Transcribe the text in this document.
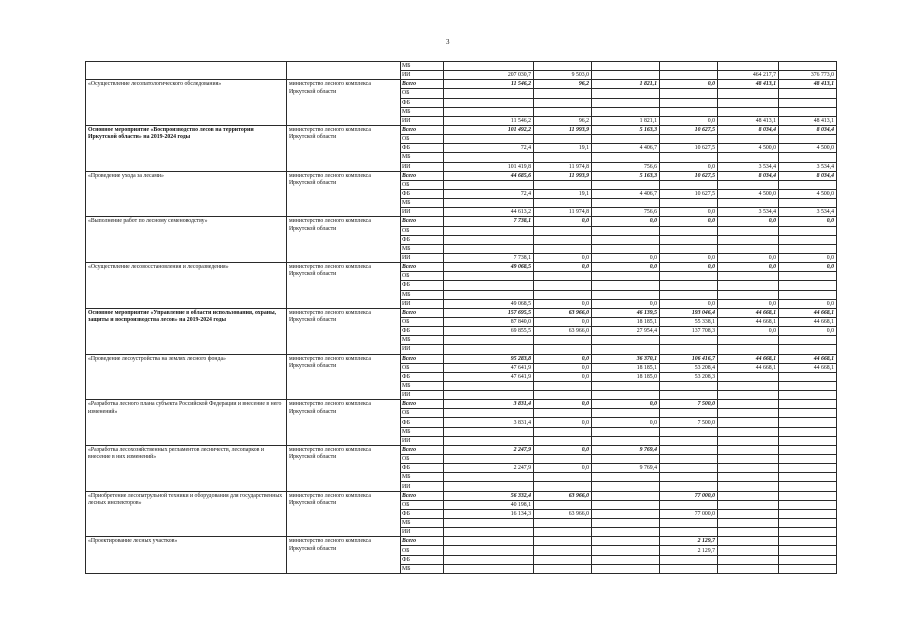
3
		МБ						
		ИИ	207 030,7	9 503,0			464 217,7	376 773,0
«Осуществление лесопатологического обследования»	министерство лесного комплекса Иркутской области	Всего	11 546,2	96,2	1 821,1	0,0	48 413,1	48 413,1
		ОБ						
		ФБ						
		МБ						
		ИИ	11 546,2	96,2	1 821,1	0,0	48 413,1	48 413,1
Основное мероприятие «Воспроизводство лесов на территории Иркутской области» на 2019-2024 годы	министерство лесного комплекса Иркутской области	Всего	101 492,2	11 993,9	5 163,3	10 627,5	8 034,4	8 034,4
		ОБ						
		ФБ	72,4	19,1	4 406,7	10 627,5	4 500,0	4 500,0
		МБ						
		ИИ	101 419,8	11 974,8	756,6	0,0	3 534,4	3 534,4
«Проведение ухода за лесами»	министерство лесного комплекса Иркутской области	Всего	44 685,6	11 993,9	5 163,3	10 627,5	8 034,4	8 034,4
		ОБ						
		ФБ	72,4	19,1	4 406,7	10 627,5	4 500,0	4 500,0
		МБ						
		ИИ	44 613,2	11 974,8	756,6	0,0	3 534,4	3 534,4
«Выполнение работ по лесному семеноводству»	министерство лесного комплекса Иркутской области	Всего	7 738,1	0,0	0,0	0,0	0,0	0,0
		ОБ						
		ФБ						
		МБ						
		ИИ	7 738,1	0,0	0,0	0,0	0,0	0,0
«Осуществление лесовосстановления и лесоразведения»	министерство лесного комплекса Иркутской области	Всего	49 068,5	0,0	0,0	0,0	0,0	0,0
		ОБ						
		ФБ						
		МБ						
		ИИ	49 068,5	0,0	0,0	0,0	0,0	0,0
Основное мероприятие «Управление в области использования, охраны, защиты и воспроизводства лесов» на 2019-2024 годы	министерство лесного комплекса Иркутской области	Всего	157 695,5	63 966,0	46 139,5	193 046,4	44 668,1	44 668,1
		ОБ	87 840,0	0,0	18 185,1	55 338,1	44 668,1	44 668,1
		ФБ	69 855,5	63 966,0	27 954,4	137 708,3	0,0	0,0
		МБ						
		ИИ						
«Проведение лесоустройства на землях лесного фонда»	министерство лесного комплекса Иркутской области	Всего	95 283,8	0,0	36 370,1	106 416,7	44 668,1	44 668,1
		ОБ	47 641,9	0,0	18 185,1	53 208,4	44 668,1	44 668,1
		ФБ	47 641,9	0,0	18 185,0	53 208,3		
		МБ						
		ИИ						
«Разработка лесного плана субъекта Российской Федерации и внесение в него изменений»	министерство лесного комплекса Иркутской области	Всего	3 831,4	0,0	0,0	7 500,0		
		ОБ						
		ФБ	3 831,4	0,0	0,0	7 500,0		
		МБ						
		ИИ						
«Разработка лесохозяйственных регламентов лесничеств, лесопарков и внесение в них изменений»	министерство лесного комплекса Иркутской области	Всего	2 247,9	0,0	9 769,4			
		ОБ						
		ФБ	2 247,9	0,0	9 769,4			
		МБ						
		ИИ						
«Приобретение лесопатрульной техники и оборудования для государственных лесных инспекторов»	министерство лесного комплекса Иркутской области	Всего	56 332,4	63 966,0		77 000,0		
		ОБ	40 198,1					
		ФБ	16 134,3	63 966,0		77 000,0		
		МБ						
		ИИ						
«Проектирование лесных участков»	министерство лесного комплекса Иркутской области	Всего				2 129,7		
		ОБ				2 129,7		
		ФБ						
		МБ						
